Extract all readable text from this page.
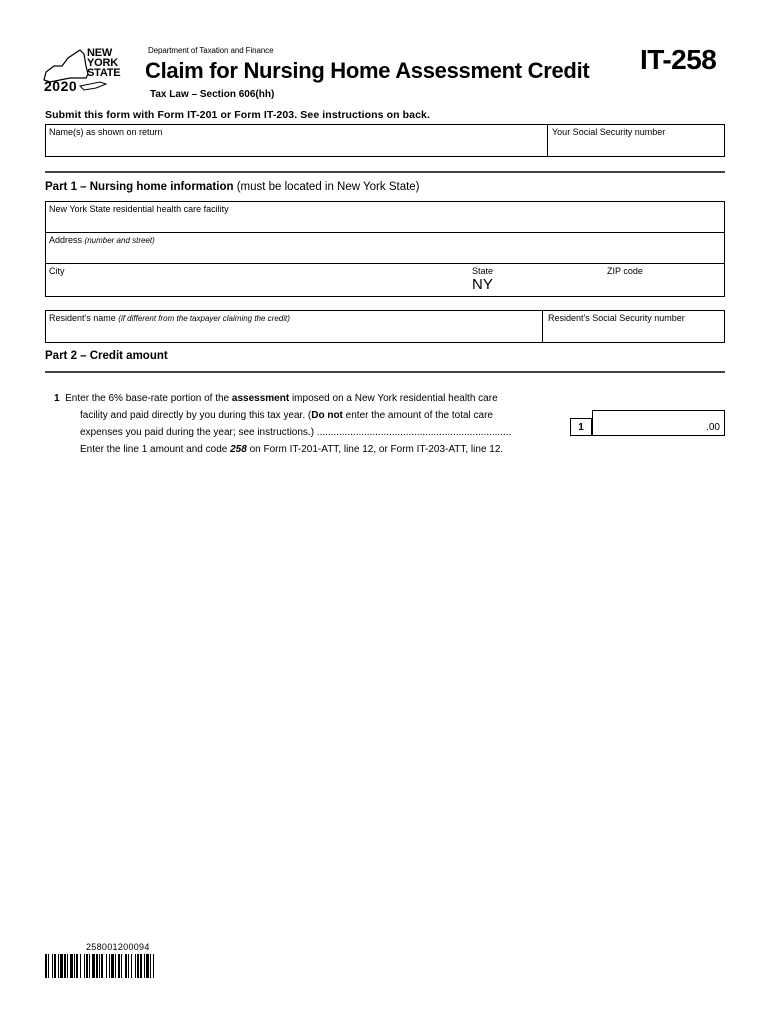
NEW
YORK
STATE
2020
Department of Taxation and Finance
Claim for Nursing Home Assessment Credit IT-258
Tax Law – Section 606(hh)
Submit this form with Form IT-201 or Form IT-203. See instructions on back.
Name(s) as shown on return	Your Social Security number
Part 1 – Nursing home information (must be located in New York State)
New York State residential health care facility
Address (number and street)
City	State
NY
ZIP code
Resident's name (if different from the taxpayer claiming the credit)	Resident's Social Security number
Part 2 – Credit amount
1 Enter the 6% base-rate portion of the assessment imposed on a New York residential health care
facility and paid directly by you during this tax year. (Do not enter the amount of the total care
expenses you paid during the year; see instructions.) ......................................................................	1	.00
Enter the line 1 amount and code 258 on Form IT-201-ATT, line 12, or Form IT-203-ATT, line 12.
258001200094
